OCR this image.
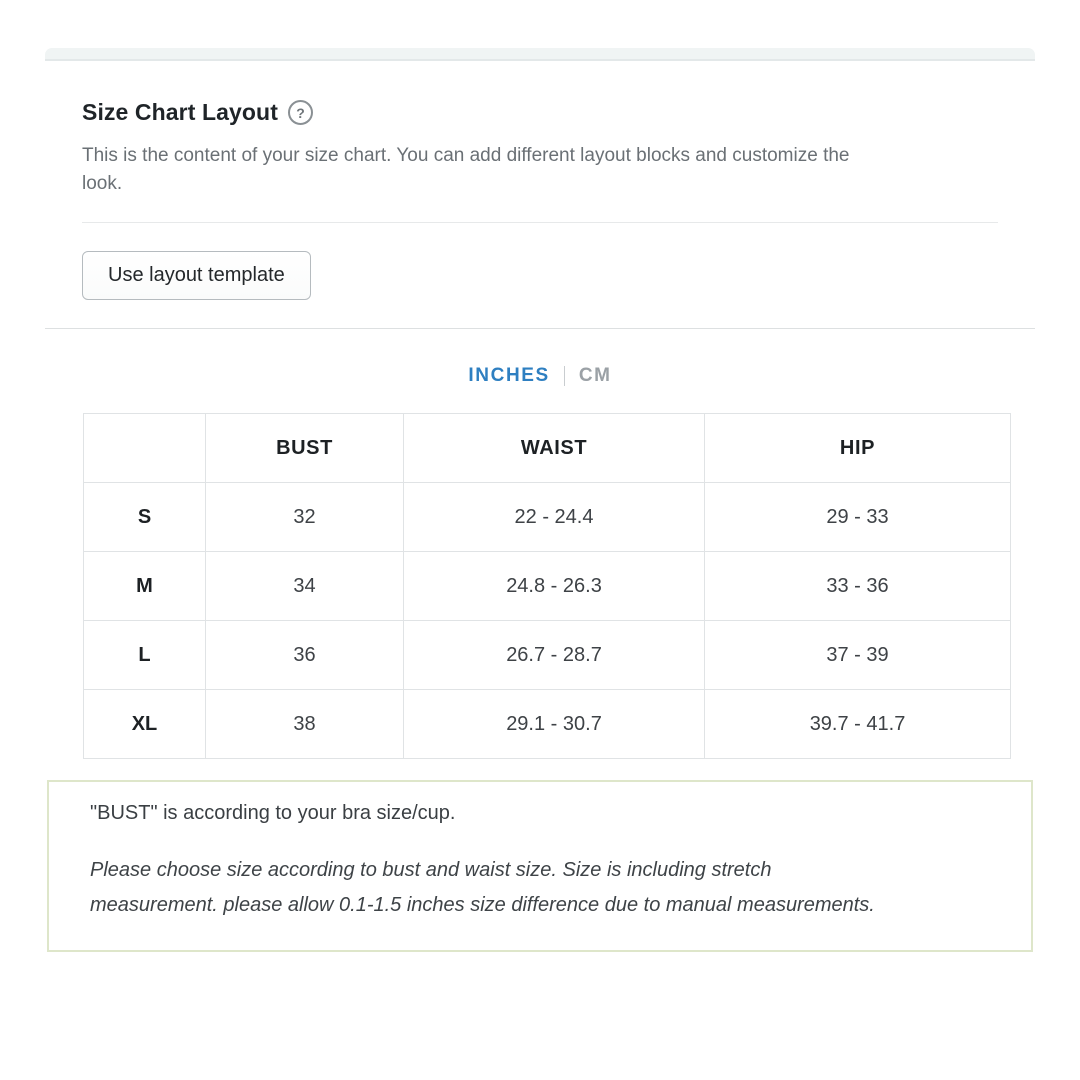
Size Chart Layout	?

This is the content of your size chart. You can add different layout blocks and customize the look.

Use layout template
INCHES CM
	BUST	WAIST	HIP
S	32	22 - 24.4	29 - 33
M	34	24.8 - 26.3	33 - 36
L	36	26.7 - 28.7	37 - 39
XL	38	29.1 - 30.7	39.7 - 41.7

"BUST" is according to your bra size/cup.

Please choose size according to bust and waist size. Size is including stretch measurement. please allow 0.1-1.5 inches size difference due to manual measurements.
